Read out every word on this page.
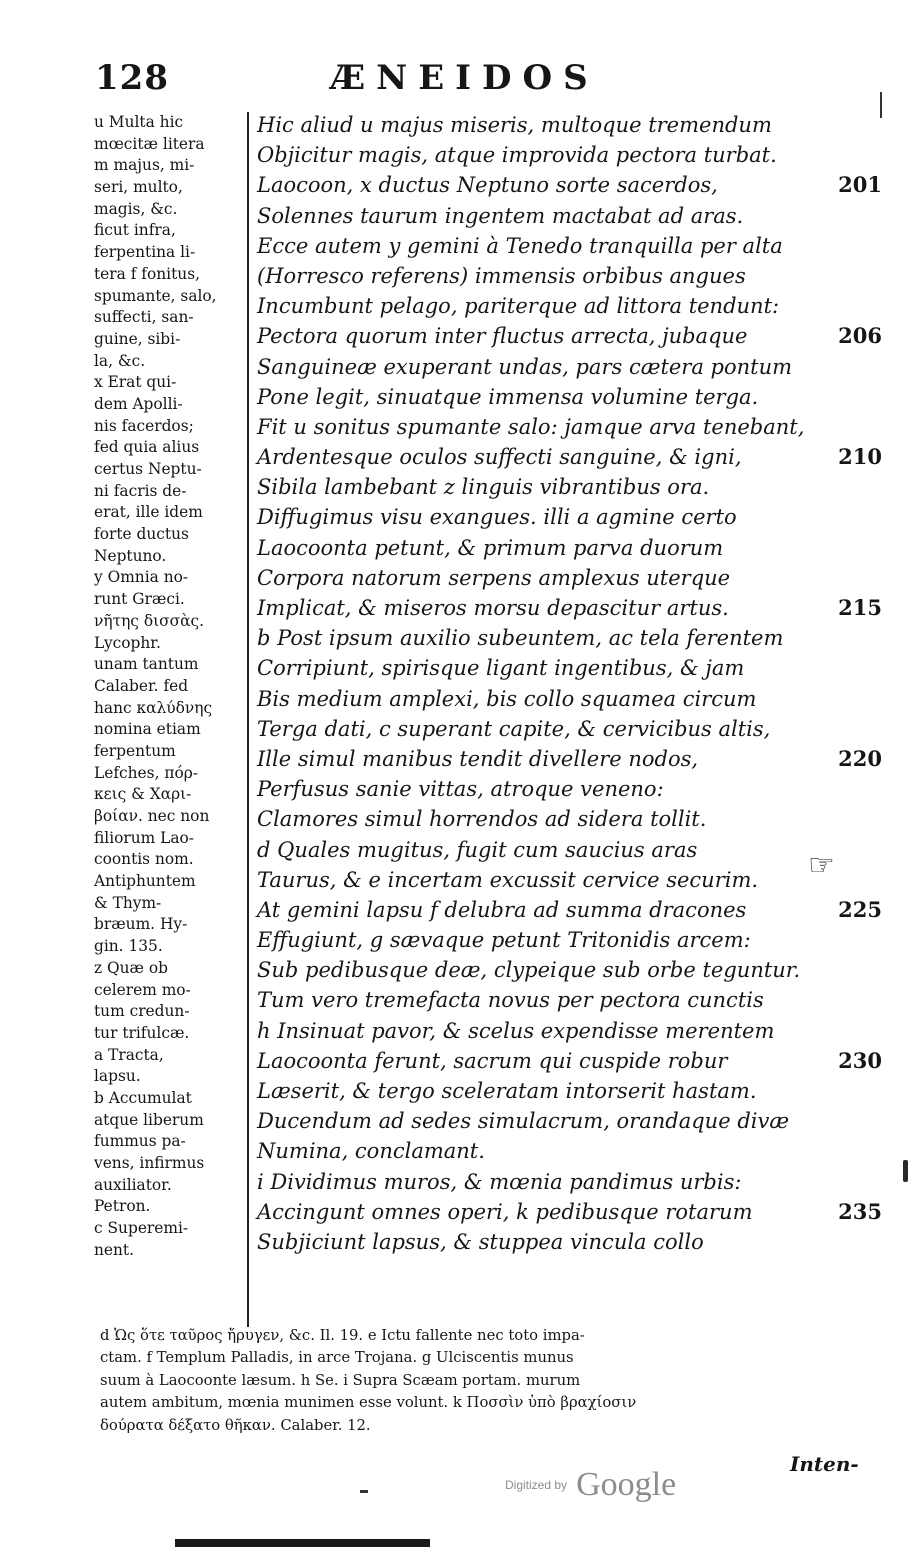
128	ÆNEIDOS
u Multa hic
mœcitæ litera
m majus, mi-
seri, multo,
magis, &c.
ficut infra,
ferpentina li-
tera f fonitus,
spumante, salo,
suffecti, san-
guine, sibi-
la, &c.
x Erat qui-
dem Apolli-
nis facerdos;
fed quia alius
certus Neptu-
ni facris de-
erat, ille idem
forte ductus
Neptuno.
y Omnia no-
runt Græci.
νῆτης δισσὰς.
Lycophr.
unam tantum
Calaber. fed
hanc καλύδνης
nomina etiam
ferpentum
Lefches, πόρ-
κεις & Χαρι-
βοίαν. nec non
filiorum Lao-
coontis nom.
Antiphuntem
& Thym-
bræum. Hy-
gin. 135.
z Quæ ob
celerem mo-
tum credun-
tur trifulcæ.
a Tracta,
lapsu.
b Accumulat
atque liberum
fummus pa-
vens, infirmus
auxiliator.
Petron.
c Superemi-
nent.
Hic aliud u majus miseris, multoque tremendum
Objicitur magis, atque improvida pectora turbat.
Laocoon, x ductus Neptuno sorte sacerdos,	201
Solennes taurum ingentem mactabat ad aras.
Ecce autem y gemini à Tenedo tranquilla per alta
(Horresco referens) immensis orbibus angues
Incumbunt pelago, pariterque ad littora tendunt:
Pectora quorum inter fluctus arrecta, jubaque	206
Sanguineæ exuperant undas, pars cætera pontum
Pone legit, sinuatque immensa volumine terga.
Fit u sonitus spumante salo: jamque arva tenebant,
Ardentesque oculos suffecti sanguine, & igni,	210
Sibila lambebant z linguis vibrantibus ora.
Diffugimus visu exangues. illi a agmine certo
Laocoonta petunt, & primum parva duorum
Corpora natorum serpens amplexus uterque
Implicat, & miseros morsu depascitur artus.	215
b Post ipsum auxilio subeuntem, ac tela ferentem
Corripiunt, spirisque ligant ingentibus, & jam
Bis medium amplexi, bis collo squamea circum
Terga dati, c superant capite, & cervicibus altis,
Ille simul manibus tendit divellere nodos,	220
Perfusus sanie vittas, atroque veneno:
Clamores simul horrendos ad sidera tollit.
d Quales mugitus, fugit cum saucius aras
Taurus, & e incertam excussit cervice securim.
At gemini lapsu f delubra ad summa dracones	225
Effugiunt, g sævaque petunt Tritonidis arcem:
Sub pedibusque deæ, clypeique sub orbe teguntur.
Tum vero tremefacta novus per pectora cunctis
h Insinuat pavor, & scelus expendisse merentem
Laocoonta ferunt, sacrum qui cuspide robur	230
Læserit, & tergo sceleratam intorserit hastam.
Ducendum ad sedes simulacrum, orandaque divæ
Numina, conclamant.
i Dividimus muros, & mœnia pandimus urbis:
Accingunt omnes operi, k pedibusque rotarum	235
Subjiciunt lapsus, & stuppea vincula collo
☞
d Ὡς ὅτε ταῦρος ἤρυγεν, &c. Il. 19. e Ictu fallente nec toto impa-
ctam. f Templum Palladis, in arce Trojana. g Ulciscentis munus
suum à Laocoonte læsum. h Se. i Supra Scæam portam. murum
autem ambitum, mœnia munimen esse volunt. k Ποσσὶν ὑπὸ βραχίοσιν
δούρατα δέξατο θῆκαν. Calaber. 12.
Inten-
Digitized by Google
